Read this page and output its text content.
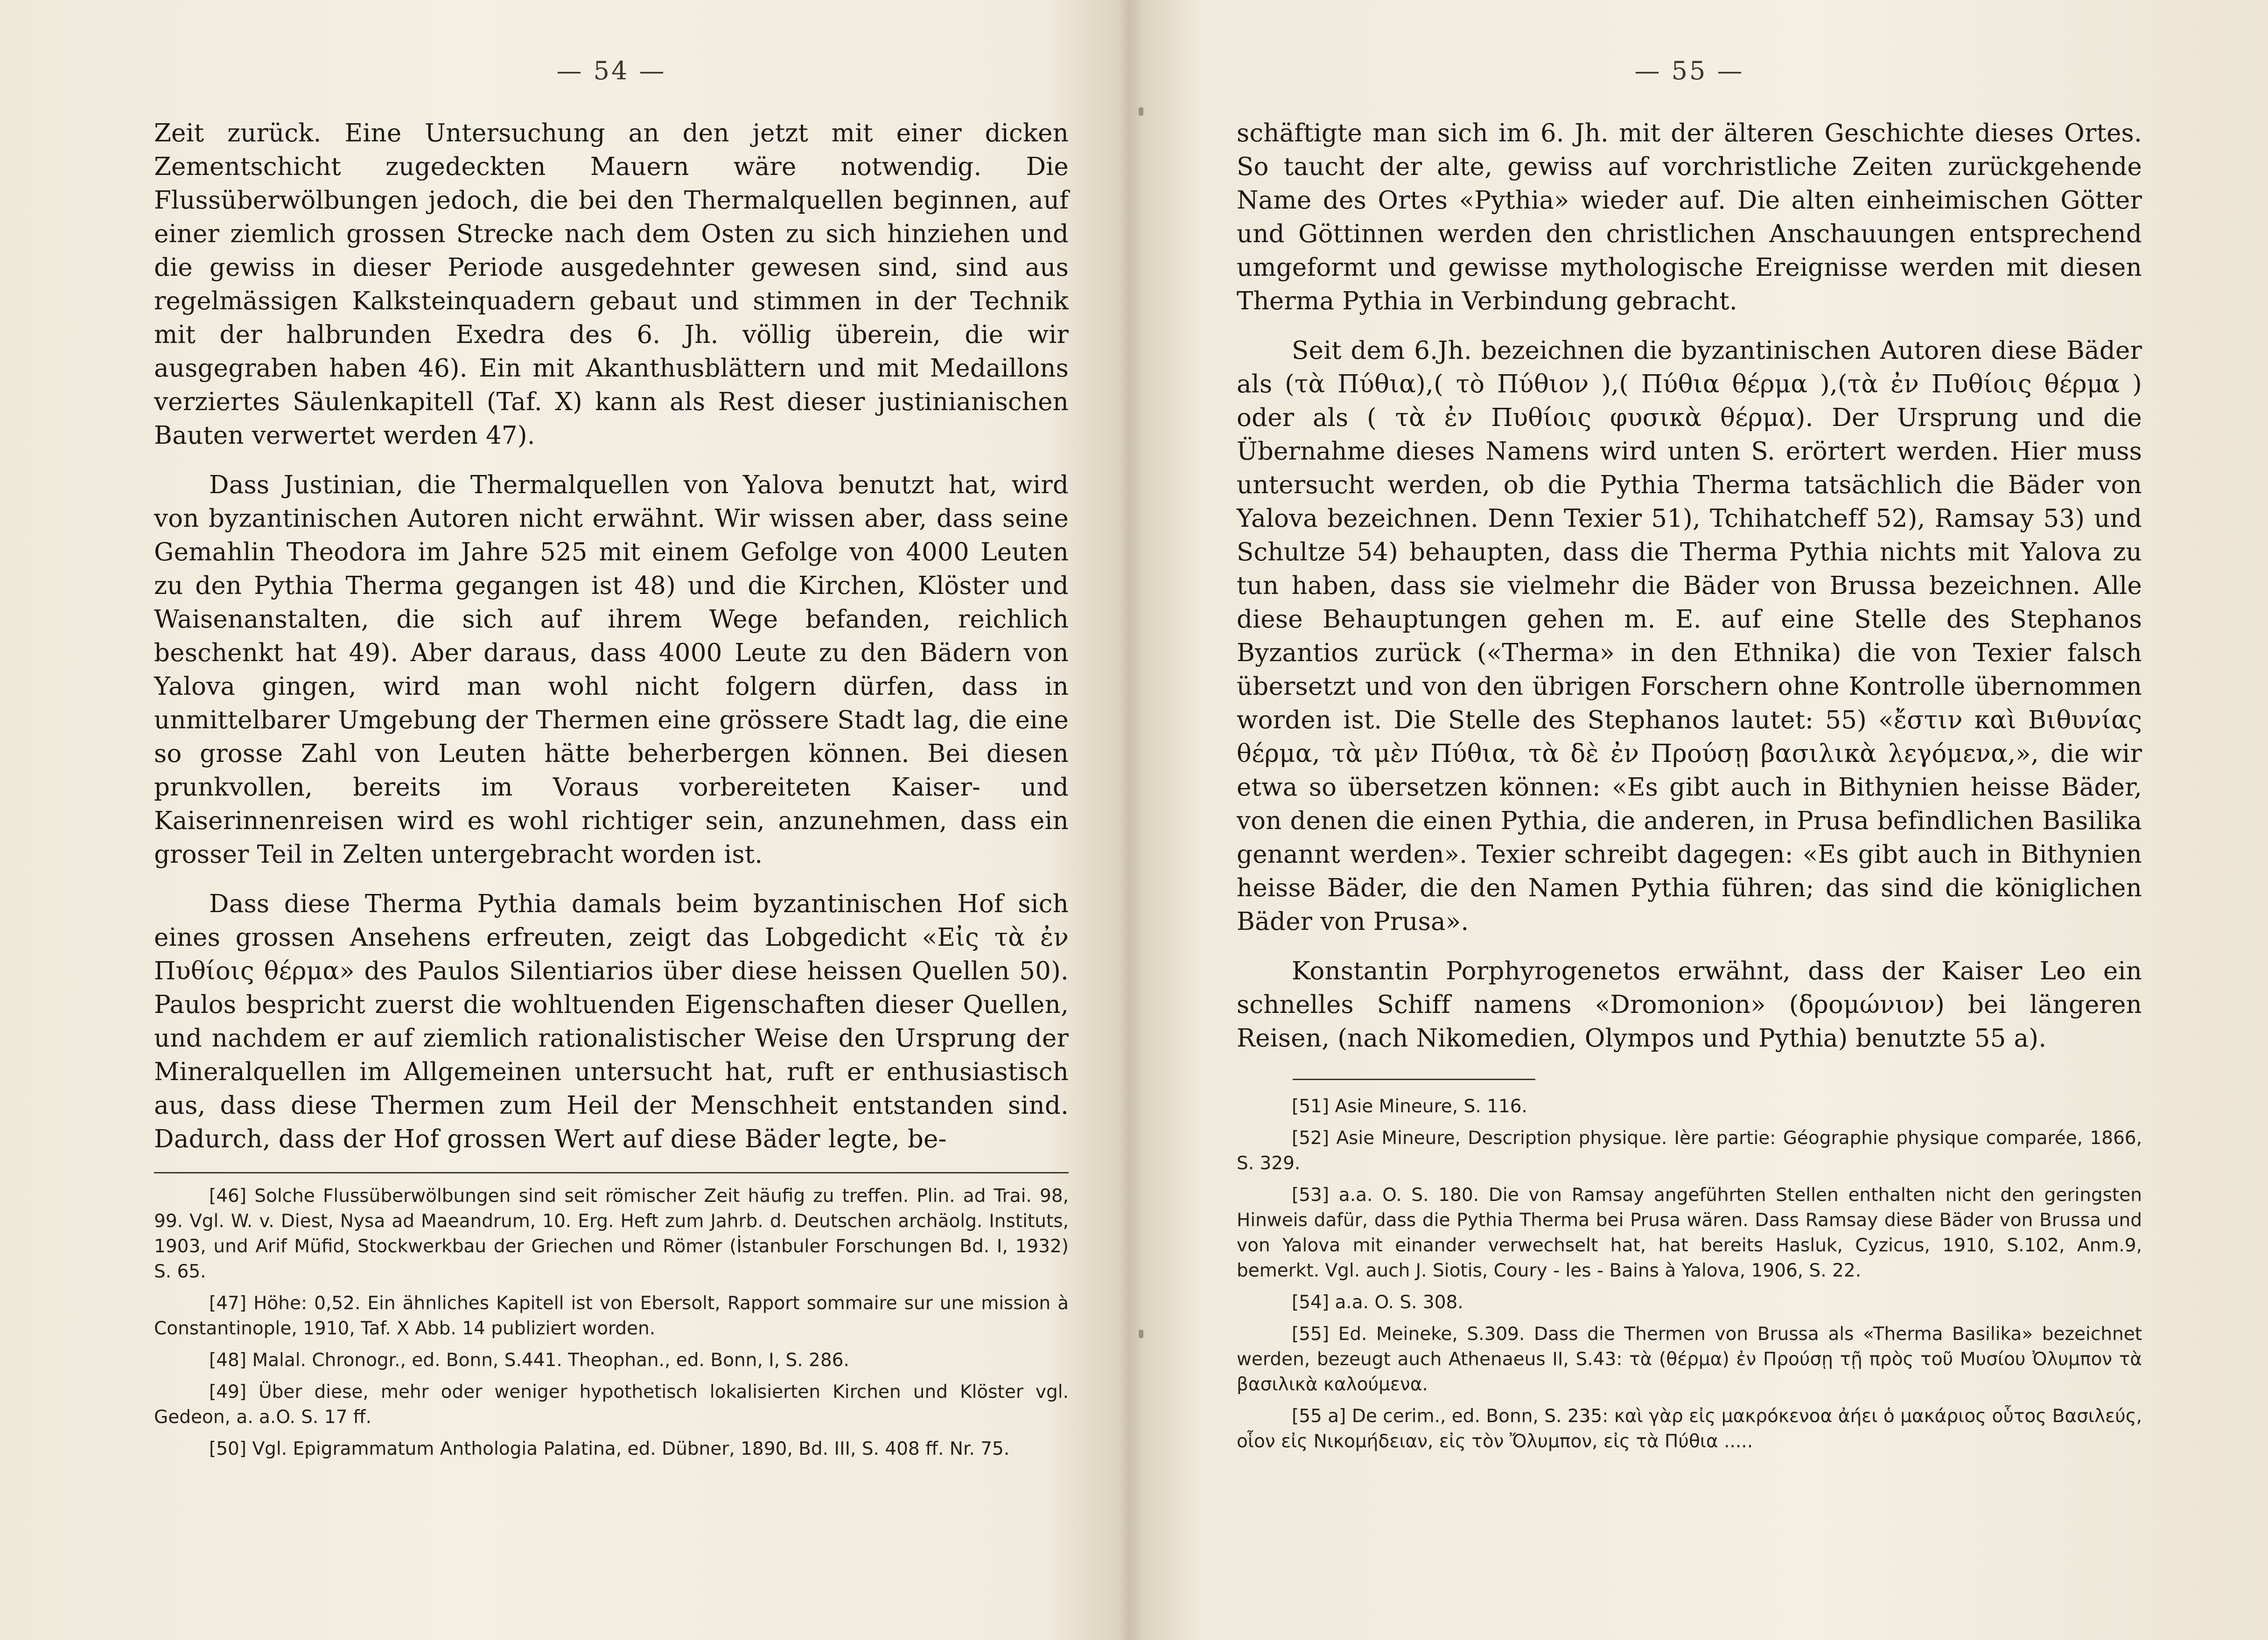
— 54 —

Zeit zurück. Eine Untersuchung an den jetzt mit einer dicken Zementschicht zugedeckten Mauern wäre notwendig. Die Flussüberwölbungen jedoch, die bei den Thermalquellen beginnen, auf einer ziemlich grossen Strecke nach dem Osten zu sich hinziehen und die gewiss in dieser Periode ausgedehnter gewesen sind, sind aus regelmässigen Kalksteinquadern gebaut und stimmen in der Technik mit der halbrunden Exedra des 6. Jh. völlig überein, die wir ausgegraben haben 46). Ein mit Akanthusblättern und mit Medaillons verziertes Säulenkapitell (Taf. X) kann als Rest dieser justinianischen Bauten verwertet werden 47).

Dass Justinian, die Thermalquellen von Yalova benutzt hat, wird von byzantinischen Autoren nicht erwähnt. Wir wissen aber, dass seine Gemahlin Theodora im Jahre 525 mit einem Gefolge von 4000 Leuten zu den Pythia Therma gegangen ist 48) und die Kirchen, Klöster und Waisenanstalten, die sich auf ihrem Wege befanden, reichlich beschenkt hat 49). Aber daraus, dass 4000 Leute zu den Bädern von Yalova gingen, wird man wohl nicht folgern dürfen, dass in unmittelbarer Umgebung der Thermen eine grössere Stadt lag, die eine so grosse Zahl von Leuten hätte beherbergen können. Bei diesen prunkvollen, bereits im Voraus vorbereiteten Kaiser- und Kaiserinnenreisen wird es wohl richtiger sein, anzunehmen, dass ein grosser Teil in Zelten untergebracht worden ist.

Dass diese Therma Pythia damals beim byzantinischen Hof sich eines grossen Ansehens erfreuten, zeigt das Lobgedicht «Εἰς τὰ ἐν Πυθίοις θέρμα» des Paulos Silentiarios über diese heissen Quellen 50). Paulos bespricht zuerst die wohltuenden Eigenschaften dieser Quellen, und nachdem er auf ziemlich rationalistischer Weise den Ursprung der Mineralquellen im Allgemeinen untersucht hat, ruft er enthusiastisch aus, dass diese Thermen zum Heil der Menschheit entstanden sind. Dadurch, dass der Hof grossen Wert auf diese Bäder legte, be-

[46] Solche Flussüberwölbungen sind seit römischer Zeit häufig zu treffen. Plin. ad Trai. 98, 99. Vgl. W. v. Diest, Nysa ad Maeandrum, 10. Erg. Heft zum Jahrb. d. Deutschen archäolg. Instituts, 1903, und Arif Müfid, Stockwerkbau der Griechen und Römer (İstanbuler Forschungen Bd. I, 1932) S. 65.

[47] Höhe: 0,52. Ein ähnliches Kapitell ist von Ebersolt, Rapport sommaire sur une mission à Constantinople, 1910, Taf. X Abb. 14 publiziert worden.

[48] Malal. Chronogr., ed. Bonn, S.441. Theophan., ed. Bonn, I, S. 286.

[49] Über diese, mehr oder weniger hypothetisch lokalisierten Kirchen und Klöster vgl. Gedeon, a. a.O. S. 17 ff.

[50] Vgl. Epigrammatum Anthologia Palatina, ed. Dübner, 1890, Bd. III, S. 408 ff. Nr. 75.

— 55 —

schäftigte man sich im 6. Jh. mit der älteren Geschichte dieses Ortes. So taucht der alte, gewiss auf vorchristliche Zeiten zurückgehende Name des Ortes «Pythia» wieder auf. Die alten einheimischen Götter und Göttinnen werden den christlichen Anschauungen entsprechend umgeformt und gewisse mythologische Ereignisse werden mit diesen Therma Pythia in Verbindung gebracht.

Seit dem 6.Jh. bezeichnen die byzantinischen Autoren diese Bäder als (τὰ Πύθια),( τὸ Πύθιον ),( Πύθια θέρμα ),(τὰ ἐν Πυθίοις θέρμα ) oder als ( τὰ ἐν Πυθίοις φυσικὰ θέρμα). Der Ursprung und die Übernahme dieses Namens wird unten S. erörtert werden. Hier muss untersucht werden, ob die Pythia Therma tatsächlich die Bäder von Yalova bezeichnen. Denn Texier 51), Tchihatcheff 52), Ramsay 53) und Schultze 54) behaupten, dass die Therma Pythia nichts mit Yalova zu tun haben, dass sie vielmehr die Bäder von Brussa bezeichnen. Alle diese Behauptungen gehen m. E. auf eine Stelle des Stephanos Byzantios zurück («Therma» in den Ethnika) die von Texier falsch übersetzt und von den übrigen Forschern ohne Kontrolle übernommen worden ist. Die Stelle des Stephanos lautet: 55) «ἔστιν καὶ Βιθυνίας θέρμα, τὰ μὲν Πύθια, τὰ δὲ ἐν Προύσῃ βασιλικὰ λεγόμενα,», die wir etwa so übersetzen können: «Es gibt auch in Bithynien heisse Bäder, von denen die einen Pythia, die anderen, in Prusa befindlichen Basilika genannt werden». Texier schreibt dagegen: «Es gibt auch in Bithynien heisse Bäder, die den Namen Pythia führen; das sind die königlichen Bäder von Prusa».

Konstantin Porphyrogenetos erwähnt, dass der Kaiser Leo ein schnelles Schiff namens «Dromonion» (δρομώνιον) bei längeren Reisen, (nach Nikomedien, Olympos und Pythia) benutzte 55 a).

[51] Asie Mineure, S. 116.

[52] Asie Mineure, Description physique. Ière partie: Géographie physique comparée, 1866, S. 329.

[53] a.a. O. S. 180. Die von Ramsay angeführten Stellen enthalten nicht den geringsten Hinweis dafür, dass die Pythia Therma bei Prusa wären. Dass Ramsay diese Bäder von Brussa und von Yalova mit einander verwechselt hat, hat bereits Hasluk, Cyzicus, 1910, S.102, Anm.9, bemerkt. Vgl. auch J. Siotis, Coury - les - Bains à Yalova, 1906, S. 22.

[54] a.a. O. S. 308.

[55] Ed. Meineke, S.309. Dass die Thermen von Brussa als «Therma Basilika» bezeichnet werden, bezeugt auch Athenaeus II, S.43: τὰ (θέρμα) ἐν Προύσῃ τῇ πρὸς τοῦ Μυσίου Ὀλυμπον τὰ βασιλικὰ καλούμενα.

[55 a] De cerim., ed. Bonn, S. 235: καὶ γὰρ εἰς μακρόκενοα ἀήει ὁ μακάριος οὗτος Βασιλεύς, οἷον εἰς Νικομήδειαν, εἰς τὸν Ὄλυμπον, εἰς τὰ Πύθια .....
